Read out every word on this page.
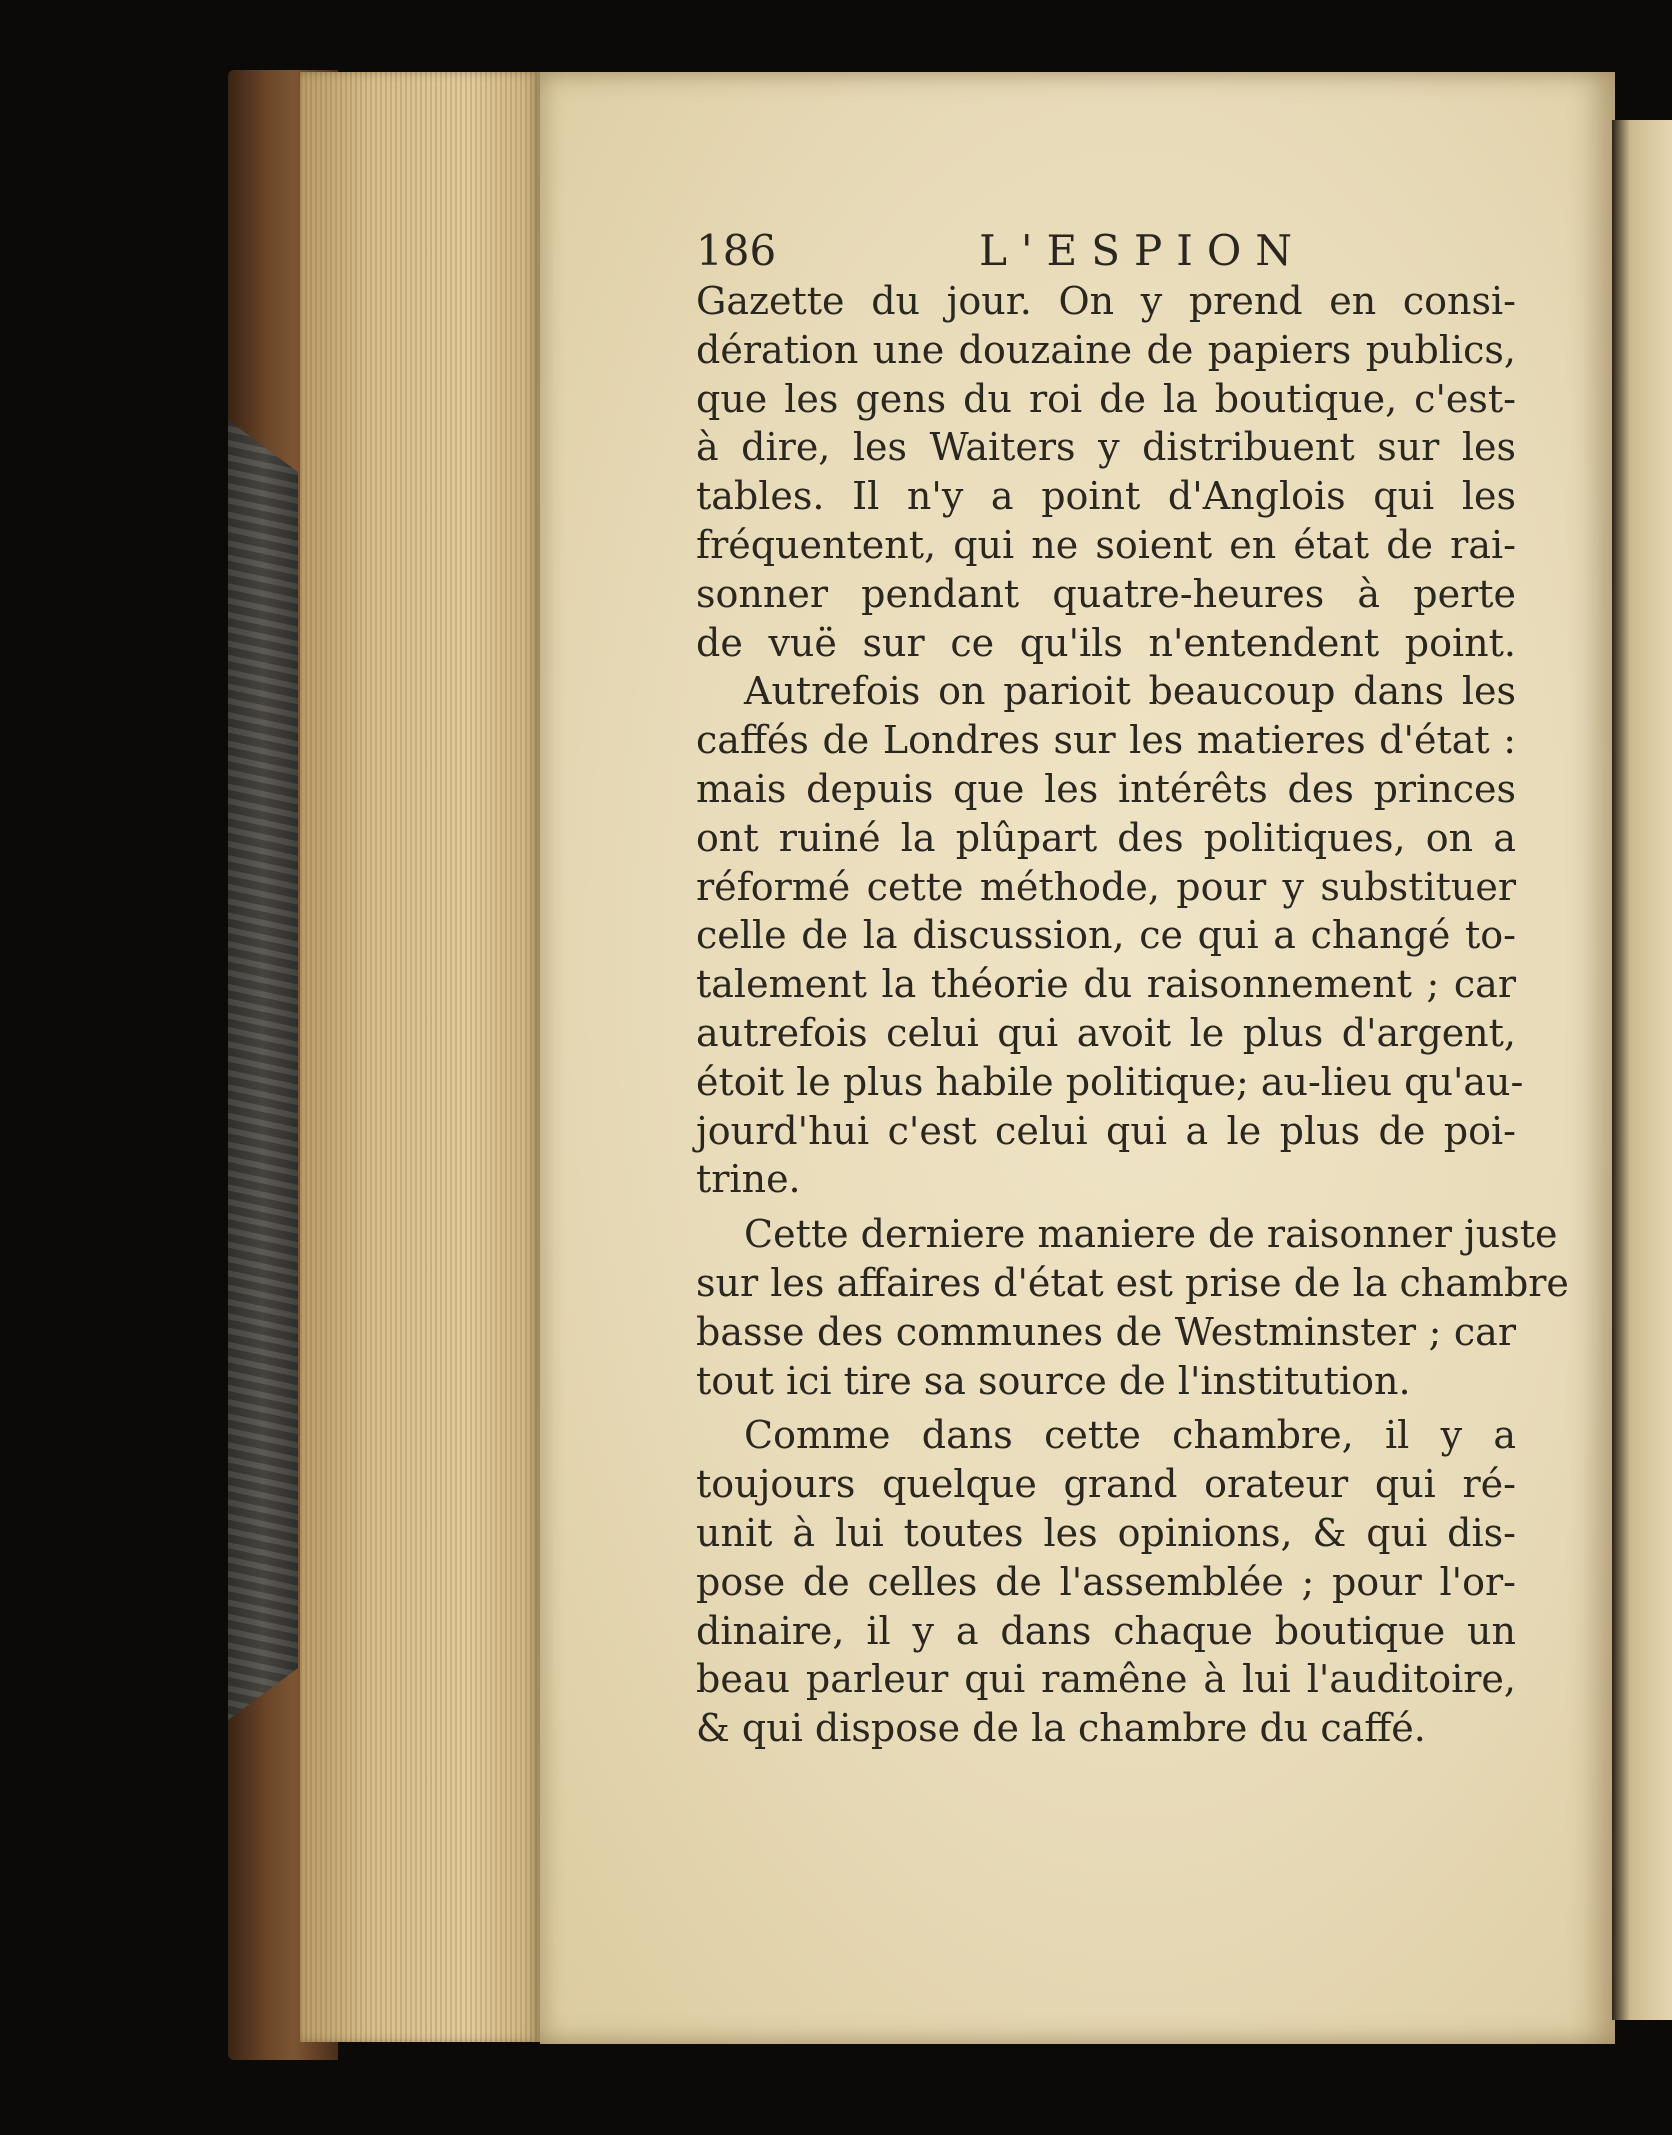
186	L'ESPION
Gazette du jour. On y prend en consi-
dération une douzaine de papiers publics,
que les gens du roi de la boutique, c'est-
à dire, les Waiters y distribuent sur les
tables. Il n'y a point d'Anglois qui les
fréquentent, qui ne soient en état de rai-
sonner pendant quatre-heures à perte
de vuë sur ce qu'ils n'entendent point.
Autrefois on parioit beaucoup dans les
caffés de Londres sur les matieres d'état :
mais depuis que les intérêts des princes
ont ruiné la plûpart des politiques, on a
réformé cette méthode, pour y substituer
celle de la discussion, ce qui a changé to-
talement la théorie du raisonnement ; car
autrefois celui qui avoit le plus d'argent,
étoit le plus habile politique; au-lieu qu'au-
jourd'hui c'est celui qui a le plus de poi-
trine.
Cette derniere maniere de raisonner juste
sur les affaires d'état est prise de la chambre
basse des communes de Westminster ; car
tout ici tire sa source de l'institution.
Comme dans cette chambre, il y a
toujours quelque grand orateur qui ré-
unit à lui toutes les opinions, & qui dis-
pose de celles de l'assemblée ; pour l'or-
dinaire, il y a dans chaque boutique un
beau parleur qui ramêne à lui l'auditoire,
& qui dispose de la chambre du caffé.
